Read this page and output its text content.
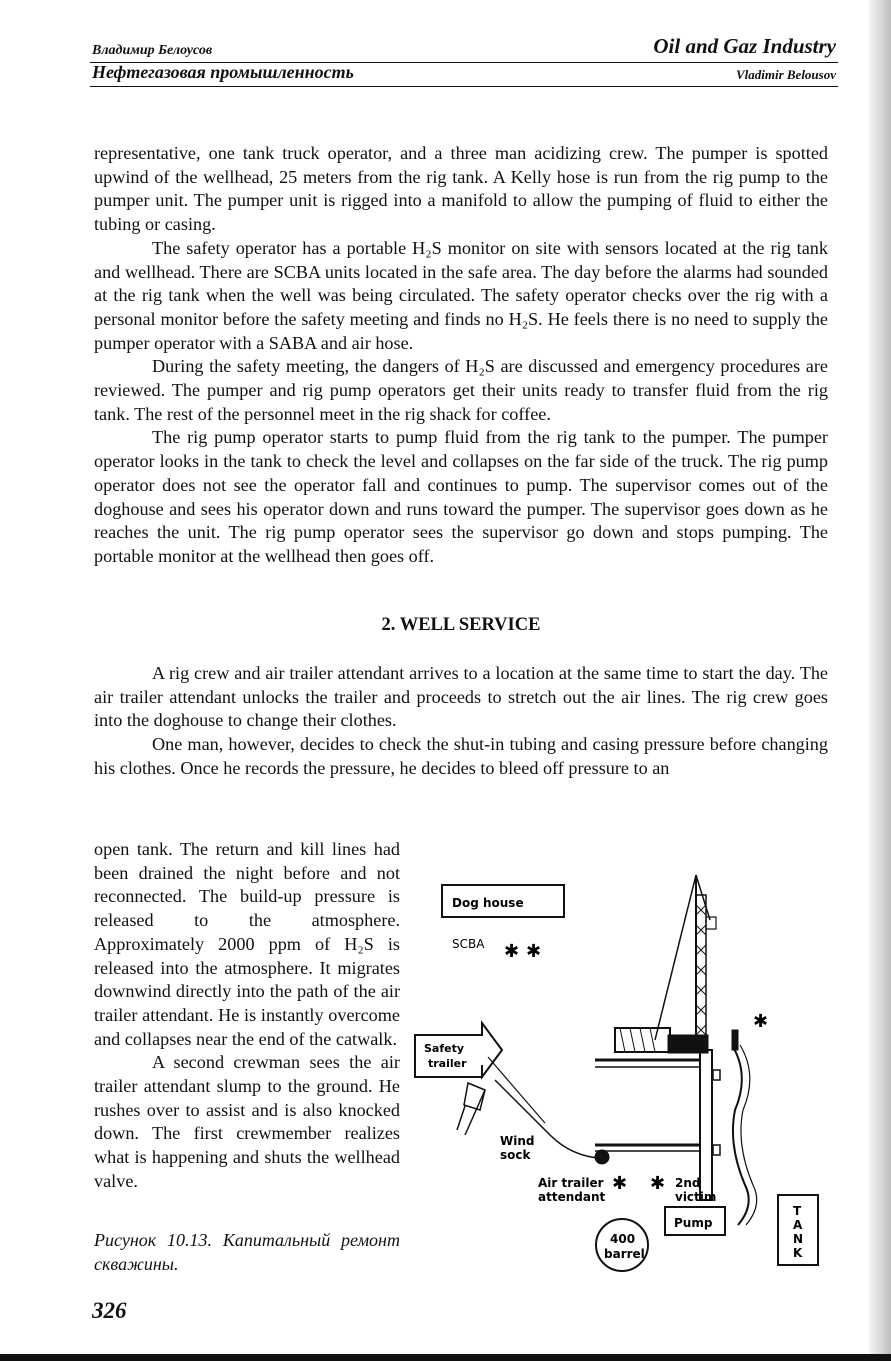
Владимир Белоусов	Oil and Gaz Industry
Нефтегазовая промышленность	Vladimir Belousov

representative, one tank truck operator, and a three man acidizing crew. The pumper is spotted upwind of the wellhead, 25 meters from the rig tank. A Kelly hose is run from the rig pump to the pumper unit. The pumper unit is rigged into a manifold to allow the pumping of fluid to either the tubing or casing.

The safety operator has a portable H₂S monitor on site with sensors located at the rig tank and wellhead. There are SCBA units located in the safe area. The day before the alarms had sounded at the rig tank when the well was being circulated. The safety operator checks over the rig with a personal monitor before the safety meeting and finds no H₂S. He feels there is no need to supply the pumper operator with a SABA and air hose.

During the safety meeting, the dangers of H₂S are discussed and emergency procedures are reviewed. The pumper and rig pump operators get their units ready to transfer fluid from the rig tank. The rest of the personnel meet in the rig shack for coffee.

The rig pump operator starts to pump fluid from the rig tank to the pumper. The pumper operator looks in the tank to check the level and collapses on the far side of the truck. The rig pump operator does not see the operator fall and continues to pump. The supervisor comes out of the doghouse and sees his operator down and runs toward the pumper. The supervisor goes down as he reaches the unit. The rig pump operator sees the supervisor go down and stops pumping. The portable monitor at the wellhead then goes off.

2. WELL SERVICE

A rig crew and air trailer attendant arrives to a location at the same time to start the day. The air trailer attendant unlocks the trailer and proceeds to stretch out the air lines. The rig crew goes into the doghouse to change their clothes.

One man, however, decides to check the shut-in tubing and casing pressure before changing his clothes. Once he records the pressure, he decides to bleed off pressure to an

open tank. The return and kill lines had been drained the night before and not reconnected. The build-up pressure is released to the atmosphere. Approximately 2000 ppm of H₂S is released into the atmosphere. It migrates downwind directly into the path of the air trailer attendant. He is instantly overcome and collapses near the end of the catwalk.

A second crewman sees the air trailer attendant slump to the ground. He rushes over to assist and is also knocked down. The first crewmember realizes what is happening and shuts the wellhead valve.

Рисунок 10.13. Капитальный ремонт скважины.
326
Dog house
SCBA ✱ ✱
✱
Safety
trailer
Wind
sock
Air trailer
attendant
✱ ✱ 2nd
victim
Pump
400
barrel
T
A
N
K
